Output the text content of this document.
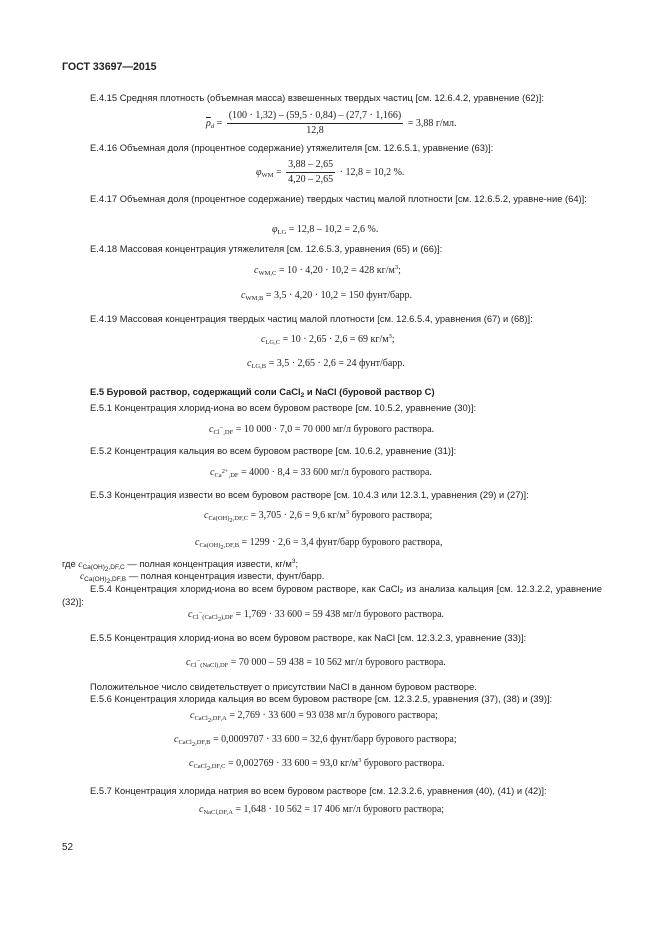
ГОСТ 33697—2015
E.4.15 Средняя плотность (объемная масса) взвешенных твердых частиц [см. 12.6.4.2, уравнение (62)]:
$\overline{\rho}_d = \frac{(100 \cdot 1,32) - (59,5 \cdot 0,84) - (27,7 \cdot 1,166)}{12,8} = 3,88$ г/мл.
E.4.16 Объемная доля (процентное содержание) утяжелителя [см. 12.6.5.1, уравнение (63)]:
$\varphi_{WM} = \frac{3,88 - 2,65}{4,20 - 2,65} \cdot 12,8 = 10,2$ %.
E.4.17 Объемная доля (процентное содержание) твердых частиц малой плотности [см. 12.6.5.2, уравне-ние (64)]:
$\varphi_{LG} = 12,8 - 10,2 = 2,6$ %.
E.4.18 Массовая концентрация утяжелителя [см. 12.6.5.3, уравнения (65) и (66)]:
$c_{WM,C} = 10 \cdot 4,20 \cdot 10,2 = 428$ $кг/м^3$;
$c_{WM,B} = 3,5 \cdot 4,20 \cdot 10,2 = 150$ фунт/барр.
E.4.19 Массовая концентрация твердых частиц малой плотности [см. 12.6.5.4, уравнения (67) и (68)]:
$c_{LG,C} = 10 \cdot 2,65 \cdot 2,6 = 69$ $кг/м^3$;
$c_{LG,B} = 3,5 \cdot 2,65 \cdot 2,6 = 24$ фунт/барр.
E.5 Буровой раствор, содержащий соли CaCl$_2$ и NaCl (буровой раствор C)
E.5.1 Концентрация хлорид-иона во всем буровом растворе [см. 10.5.2, уравнение (30)]:
$c_{Cl^-,DF} = 10$ 000 · 7,0 = 70 000 мг/л бурового раствора.
E.5.2 Концентрация кальция во всем буровом растворе [см. 10.6.2, уравнение (31)]:
$c_{Ca^{2+},DF} = 4000 \cdot 8,4 = 33$ 600 мг/л бурового раствора.
E.5.3 Концентрация извести во всем буровом растворе [см. 10.4.3 или 12.3.1, уравнения (29) и (27)]:
$c_{Ca(OH)_2,DF,C} = 3,705 \cdot 2,6 = 9,6$ $кг/м^3$ бурового раствора;
$c_{Ca(OH)_2,DF,B} = 1299 \cdot 2,6 = 3,4$ фунт/барр бурового раствора,
где $c_{Ca(OH)_2,DF,C}$ — полная концентрация извести, $кг/м^3$;
$c_{Ca(OH)_2,DF,B}$ — полная концентрация извести, фунт/барр.
E.5.4 Концентрация хлорид-иона во всем буровом растворе, как CaCl₂ из анализа кальция [см. 12.3.2.2, уравнение (32)]:
$c_{Cl^-(CaCl_2),DF} = 1,769 \cdot 33$ 600 = 59 438 мг/л бурового раствора.
E.5.5 Концентрация хлорид-иона во всем буровом растворе, как NaCl [см. 12.3.2.3, уравнение (33)]:
$c_{Cl^-(NaCl),DF} = 70$ 000 – 59 438 = 10 562 мг/л бурового раствора.
Положительное число свидетельствует о присутствии NaCl в данном буровом растворе.
E.5.6 Концентрация хлорида кальция во всем буровом растворе [см. 12.3.2.5, уравнения (37), (38) и (39)]:
$c_{CaCl_2,DF,A} = 2,769 \cdot 33$ 600 = 93 038 мг/л бурового раствора;
$c_{CaCl_2,DF,B} = 0,0009707 \cdot 33$ 600 = 32,6 фунт/барр бурового раствора;
$c_{CaCl_2,DF,C} = 0,002769 \cdot 33$ 600 = 93,0 $кг/м^3$ бурового раствора.
E.5.7 Концентрация хлорида натрия во всем буровом растворе [см. 12.3.2.6, уравнения (40), (41) и (42)]:
$c_{NaCl,DF,A} = 1,648 \cdot 10$ 562 = 17 406 мг/л бурового раствора;
52
